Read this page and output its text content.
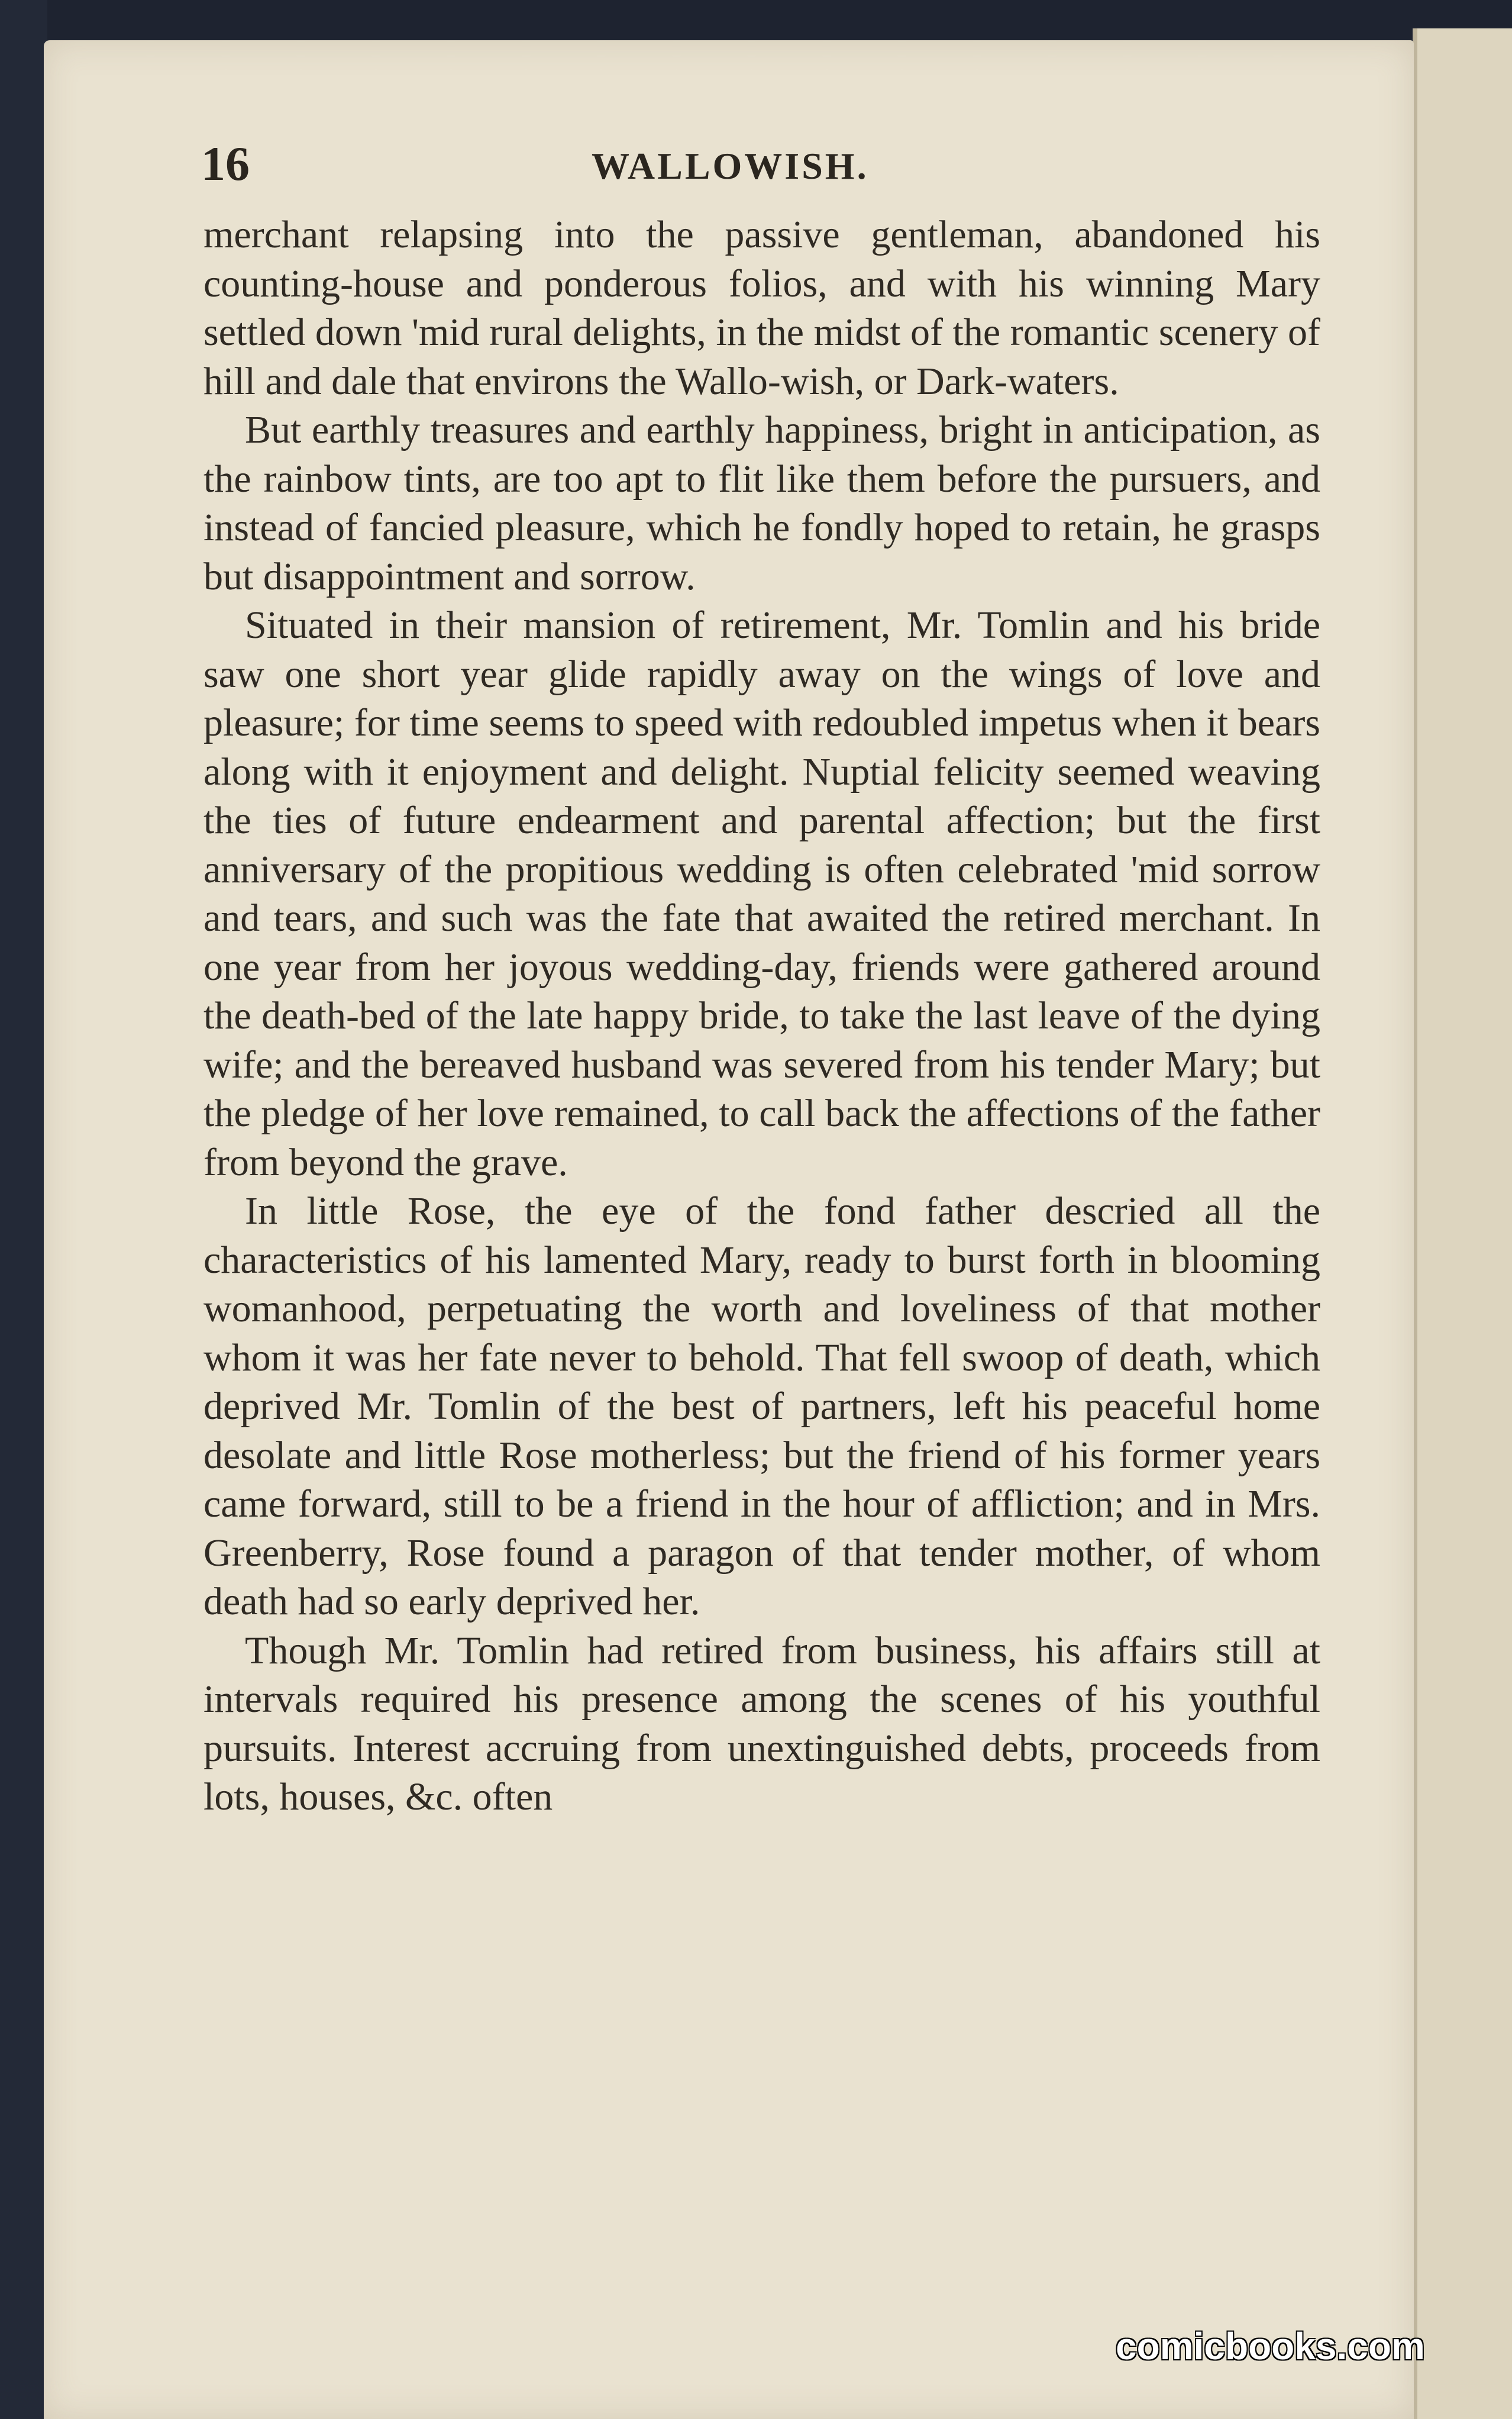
16	WALLOWISH.

merchant relapsing into the passive gentleman, abandoned his counting-house and ponderous folios, and with his winning Mary settled down 'mid rural delights, in the midst of the romantic scenery of hill and dale that environs the Wallo-wish, or Dark-waters.

But earthly treasures and earthly happiness, bright in anticipation, as the rainbow tints, are too apt to flit like them before the pursuers, and instead of fancied pleasure, which he fondly hoped to retain, he grasps but disappointment and sorrow.

Situated in their mansion of retirement, Mr. Tomlin and his bride saw one short year glide rapidly away on the wings of love and pleasure; for time seems to speed with redoubled impetus when it bears along with it enjoyment and delight. Nuptial felicity seemed weaving the ties of future endearment and parental affection; but the first anniversary of the propitious wedding is often celebrated 'mid sorrow and tears, and such was the fate that awaited the retired merchant. In one year from her joyous wedding-day, friends were gathered around the death-bed of the late happy bride, to take the last leave of the dying wife; and the bereaved husband was severed from his tender Mary; but the pledge of her love remained, to call back the affections of the father from beyond the grave.

In little Rose, the eye of the fond father descried all the characteristics of his lamented Mary, ready to burst forth in blooming womanhood, perpetuating the worth and loveliness of that mother whom it was her fate never to behold. That fell swoop of death, which deprived Mr. Tomlin of the best of partners, left his peaceful home desolate and little Rose motherless; but the friend of his former years came forward, still to be a friend in the hour of affliction; and in Mrs. Greenberry, Rose found a paragon of that tender mother, of whom death had so early deprived her.

Though Mr. Tomlin had retired from business, his affairs still at intervals required his presence among the scenes of his youthful pursuits. Interest accruing from unextinguished debts, proceeds from lots, houses, &c. often

comicbooks.com
